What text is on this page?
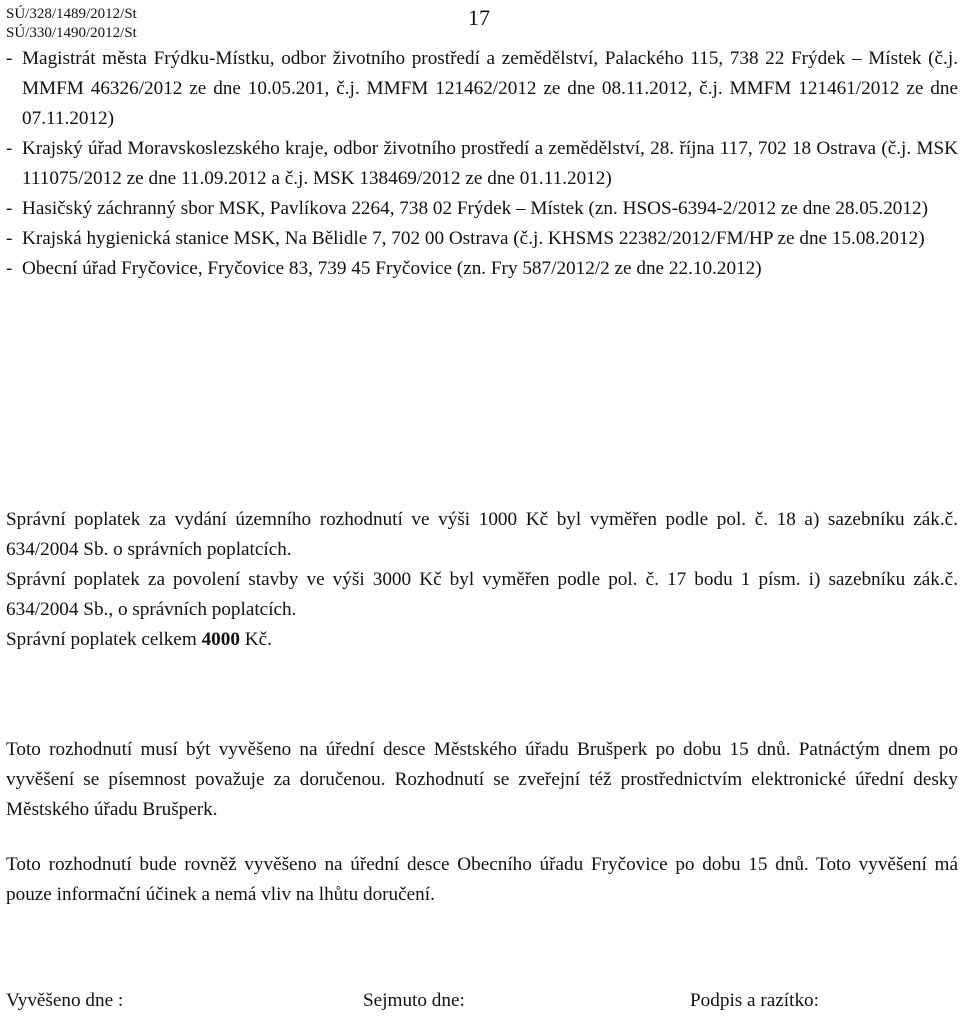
SÚ/328/1489/2012/St
SÚ/330/1490/2012/St
17
- Magistrát města Frýdku-Místku, odbor životního prostředí a zemědělství, Palackého 115, 738 22 Frýdek – Místek (č.j. MMFM 46326/2012 ze dne 10.05.201, č.j. MMFM 121462/2012 ze dne 08.11.2012, č.j. MMFM 121461/2012 ze dne 07.11.2012)
- Krajský úřad Moravskoslezského kraje, odbor životního prostředí a zemědělství, 28. října 117, 702 18 Ostrava (č.j. MSK 111075/2012 ze dne 11.09.2012 a č.j. MSK 138469/2012 ze dne 01.11.2012)
- Hasičský záchranný sbor MSK, Pavlíkova 2264, 738 02 Frýdek – Místek (zn. HSOS-6394-2/2012 ze dne 28.05.2012)
- Krajská hygienická stanice MSK, Na Bělidle 7, 702 00 Ostrava (č.j. KHSMS 22382/2012/FM/HP ze dne 15.08.2012)
- Obecní úřad Fryčovice, Fryčovice 83, 739 45 Fryčovice (zn. Fry 587/2012/2 ze dne 22.10.2012)

Správní poplatek za vydání územního rozhodnutí ve výši 1000 Kč byl vyměřen podle pol. č. 18 a) sazebníku zák.č. 634/2004 Sb. o správních poplatcích.

Správní poplatek za povolení stavby ve výši 3000 Kč byl vyměřen podle pol. č. 17 bodu 1 písm. i) sazebníku zák.č. 634/2004 Sb., o správních poplatcích.

Správní poplatek celkem 4000 Kč.

Toto rozhodnutí musí být vyvěšeno na úřední desce Městského úřadu Brušperk po dobu 15 dnů. Patnáctým dnem po vyvěšení se písemnost považuje za doručenou. Rozhodnutí se zveřejní též prostřednictvím elektronické úřední desky Městského úřadu Brušperk.

Toto rozhodnutí bude rovněž vyvěšeno na úřední desce Obecního úřadu Fryčovice po dobu 15 dnů. Toto vyvěšení má pouze informační účinek a nemá vliv na lhůtu doručení.

Vyvěšeno dne :	Sejmuto dne:	Podpis a razítko:
